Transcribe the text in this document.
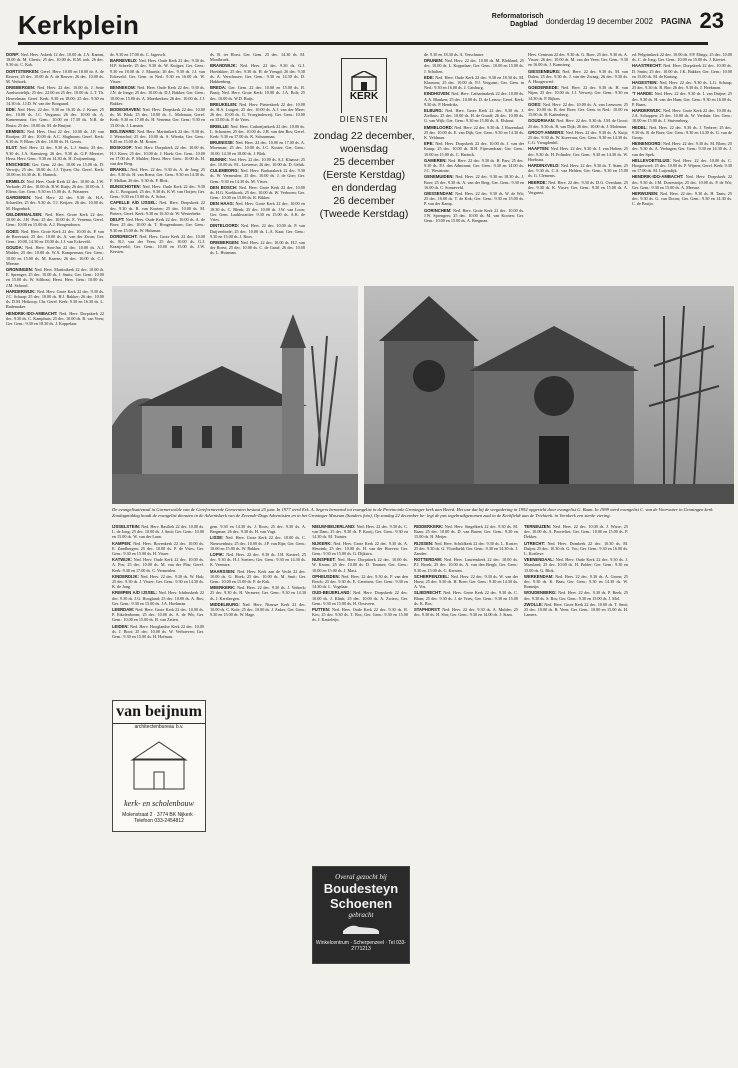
Kerkplein	Reformatorisch Dagblad donderdag 19 december 2002 PAGINA 23

DORP: Ned. Herv. Askerk 12 dec. 10.00 ds. J.A. Kamm, 18.00 ds. M. Cherix; 25 dec. 10.00 ds. R.M. ook. 26 dec. 9.30 ds. C. Kok.

DORTSTERKEN: Geref. Herv. 10.00 en 18.00 dr. A. de Reuver; 25 dec. 10.00 dr. A. de Reuver; 26 dec. 10.00 ds. M. Verhoek.

DRIEBERGEN: Ned. Herv. 22 dec. 10.00 ds. J. Sette Aardwortelijk; 25 dec. 22.00 en 25 dec. 10.00 ds. L.T. Th. Heuvelman; Geref. Kerk: 9.30 en 18.00; 25 dec. 9.30 en 14.30 ds. J.J.D. W. van der Boogaard.

EDE: Ned. Herv. 22 dec. 9.30 en 16.30 ds. J. Kruse; 25 dec. 10.00 ds. J.C. Vergunst; 26 dec. 10.00 ds. A. Kamermans; Ger. Gem.: 10.00 en 17.30 ds. N.R. de Bruin; 25 dec. 10.00 ds. M. de Bruijne.

EEMNES: Ned. Herv. Oost 22 dec. 10.00 ds. J.P. van Rooijen; 25 dec. 10.00 dr. A.C. Slagboom; Geref. Kerk: 9.30 ds. P. Blom; 26 dec. 10.00 ds. H. Geerts.

ELST: Ned. Herv. 22 dec. 9.30 ds. L.J. Smits; 25 dec. 9.30 ds. J.A. Kamsteeg; 26 dec. 9.30 ds. G.P. Meester; Herst. Herv. Gem.: 9.30 en 14.30 ds. H. Zwijnenburg.

ENSCHEDE: Ger. Gem. 22 dec. 10.00 en 15.00 ds. D. Verwijs; 25 dec. 10.00 ds. J.J. Tijsen; Chr. Geref. Kerk: 10.00 en 16.30 ds. K. Harinck.

ERMELO: Ned. Herv. Oude Kerk 22 dec. 10.00 ds. J.W. Verkade; 25 dec. 10.00 ds. R.W. Ruijs; 26 dec. 10.00 ds. J. Ellens; Ger. Gem.: 9.30 en 15.00 ds. A. Wasmeer.

GARDEREN: Ned. Herv. 22 dec. 9.30 ds. H.A. Schaeffer; 25 dec. 9.30 ds. T.J. Keijzer; 26 dec. 10.00 ds. M. Hogenbirk.

GELDERMALSEN: Ned. Herv. Grote Kerk 22 dec. 10.00 ds. J.H. Post; 25 dec. 10.00 ds. E. Venema; Geref. Gem.: 10.00 en 15.00 ds. A.J. Hoogendoorn.

GOES: Ned. Herv. Grote Kerk 22 dec. 10.00 ds. P. van de Breevaart; 25 dec. 10.00 ds. A. van der Zwan; Ger. Gem.: 10.00, 14.30 en 18.00 ds. J.J. van Eckeveld.

GOUDA: Ned. Herv. Sint-Jan 22 dec. 10.00 ds. A.J. Mulder; 25 dec. 10.00 ds. W.A. Kamperman; Ger. Gem.: 10.00 en 15.00 ds. M. Karens; 26 dec. 10.00 ds. C.J. Meeuse.

GRONINGEN: Ned. Herv. Martinikerk 22 dec. 10.00 dr. E. Sprenger; 25 dec. 10.00 ds. J. Smits; Ger. Gem.: 10.00 en 15.00 ds. W. Silfhout; Herst. Herv. Gem.: 10.00 ds. J.M. Schoorl.

HARDERWIJK: Ned. Herv. Grote Kerk 22 dec. 9.30 ds. J.C. Schaap; 25 dec. 10.00 ds. H.J. Bakker; 26 dec. 10.00 ds. D.M. Heikoop; Chr. Geref. Kerk: 9.30 en 16.30 ds. L. Rademaker.

HENDRIK-IDO-AMBACHT: Ned. Herv. Dorpskerk 22 dec. 9.30 ds. C. Kamphuis; 25 dec. 10.00 ds. B. van Veen; Ger. Gem.: 9.30 en 18.30 ds. J. Koppelaar.

de. 9.30 en 17.00 ds. C. Jagersch.

BARNEVELD: Ned. Herv. Oude Kerk 22 dec. 9.30 ds. H.P. Scheele; 25 dec. 9.30 ds. W. Kuijper; Ger. Gem.: 9.30 en 18.00 ds. J. Mauritz; 26 dec. 9.30 ds. J.J. van Eckeveld; Ger. Gem. in Ned.: 9.30 en 16.00 ds. W. Visser.

BENNEKOM: Ned. Herv. Oude Kerk 22 dec. 9.30 ds. J.N. de Jonge; 25 dec. 10.00 ds. D.J. Bakker; Ger. Gem.: 10.00 en 15.00 ds. A. Moerkerken; 26 dec. 10.00 ds. J.J. Bakker.

BODEGRAVEN: Ned. Herv. Dorpskerk 22 dec. 10.00 ds. M. Blok; 25 dec. 10.00 ds. L. Molenaar; Geref. Kerk: 9.30 en 17.00 ds. H. Venema; Ger. Gem.: 9.30 en 15.00 ds. J. Lamain.

BOLSWARD: Ned. Herv. Martinikerk 22 dec. 9.30 ds. J. Westerhof; 25 dec. 10.00 ds. S. Wierda; Ger. Gem.: 9.45 en 15.00 ds. M. Koster.

BOSKOOP: Ned. Herv. Dorpskerk 22 dec. 10.00 ds. H.J. Kiers; 25 dec. 10.00 dr. J. Hoek; Ger. Gem.: 10.00 en 17.00 ds. P. Mulder; Herst. Herv. Gem.: 10.00 ds. H. van den Berg.

BRAKEL: Ned. Herv. 22 dec. 9.30 ds. A. de Jong; 25 dec. 9.30 ds. H. van Roest; Ger. Gem.: 9.30 en 14.30 ds. F. Mallan; 26 dec. 9.30 ds. P. Blok.

BUNSCHOTEN: Ned. Herv. Oude Kerk 22 dec. 9.30 ds. C. Boogaard; 25 dec. 9.30 ds. K.W. van Ooijen; Ger. Gem.: 9.30 en 15.00 ds. A. Schot.

CAPELLE A/D IJSSEL: Ned. Herv. Dorpskerk 22 dec. 9.30 ds. R. van Kooten; 25 dec. 10.00 ds. M. Pieters; Geref. Kerk: 9.30 en 16.30 ds. W. Westerbeke.

DELFT: Ned. Herv. Oude Kerk 22 dec. 10.00 ds. A. de Boer; 25 dec. 10.00 ds. T. Hoogendoorn; Ger. Gem.: 9.30 en 15.00 ds. W. Hulsman.

DORDRECHT: Ned. Herv. Grote Kerk 22 dec. 10.00 ds. R.J. van der Veen; 25 dec. 10.00 ds. G.J. Kraaijeveld; Ger. Gem.: 10.00 en 15.00 ds. J.W. Kersten.

ds. B. ter Horst. Ger. Gem. 25 dec. 14.30 ds. M. Mooibroek.

BRANDWIJK: Ned. Herv. 22 dec. 9.30 ds. G.J. Hoefakker; 25 dec. 9.30 ds. H. de Vreugd; 26 dec. 9.30 ds. A. Verschuure; Ger. Gem.: 9.30 en 14.30 ds. D. Hakkenberg.

BREDA: Ger. Gem. 22 dec. 10.00 en 15.00 ds. R. Baaij; Ned. Herv. Grote Kerk: 10.00 ds. J.A. Bolt; 25 dec. 10.00 ds. W.D. Ruijs.

BREUKELEN: Ned. Herv. Pieterskerk 22 dec. 10.00 ds. H.A. Lutgert; 25 dec. 10.00 ds. A.J. van der Meer; 26 dec. 10.00 ds. G. Vroegindeweij; Ger. Gem.: 10.00 en 15.00 ds. P. de Vries.

BRIELLE: Ned. Herv. Catharijnekerk 22 dec. 10.00 ds. L. Schouten; 25 dec. 10.00 ds. J.H. van den Bos; Geref. Kerk: 9.30 en 17.00 ds. K. Schuurman.

BRUINISSE: Ned. Herv. 22 dec. 10.00 en 17.00 ds. A. Moerman; 25 dec. 10.00 ds. J.C. Koster; Ger. Gem.: 10.00, 14.30 en 18.00 ds. J. Blok.

BUNNIK: Ned. Herv. 22 dec. 10.00 ds. A.J. Klaasse; 25 dec. 10.00 ds. P.L. Lievense; 26 dec. 10.00 ds. D. Geluk.

CULEMBORG: Ned. Herv. Barbarakerk 22 dec. 9.30 ds. W. Vermeulen; 25 dec. 10.00 ds. J. de Gier; Ger. Gem.: 9.30 en 14.30 ds. M. Visser.

DEN BOSCH: Ned. Herv. Grote Kerk 22 dec. 10.00 ds. H.G. Koekkoek; 25 dec. 10.00 ds. W. Verboom; Ger. Gem.: 10.00 en 15.00 ds. R. Bikker.

DEN HAAG: Ned. Herv. Grote Kerk 22 dec. 10.00 en 18.30 ds. C. Blenk; 25 dec. 10.00 ds. J.W. van Loon; Ger. Gem. Laakkwartier: 9.30 en 15.00 ds. A.K. de Vries.

DINTELOORD: Ned. Herv. 22 dec. 10.00 ds. P. van Duijvenbode; 25 dec. 10.00 ds. L.A. Kaat; Ger. Gem.: 9.30 en 15.00 ds. J. Roos.

DRIEBERGEN: Ned. Herv. 22 dec. 10.00 ds. H.J. van der Roest; 25 dec. 10.00 ds. C. de Graaf; 26 dec. 10.00 ds. L. Huisman.

de. 9.30 en 18.30 ds. A. Verschuure.

DRUNEN: Ned. Herv. 22 dec. 10.00 ds. M. Blokland; 25 dec. 10.00 ds. L. Koppelaar; Ger. Gem.: 10.00 en 15.00 ds. J. Scholten.

EDE: Ned. Herv. Oude Kerk 22 dec. 9.30 en 18.30 ds. M. Klaassen; 25 dec. 10.00 ds. P.J. Vergunst; Ger. Gem. in Ned.: 9.30 en 16.00 ds. J. Catsburg.

EINDHOVEN: Ned. Herv. Catharinakerk 22 dec. 10.00 ds. A.A. Blanken; 25 dec. 10.00 ds. D. de Leeuw; Geref. Kerk: 9.30 ds. P. Hendriks.

ELBURG: Ned. Herv. Grote Kerk 22 dec. 9.30 ds. J. Zielhuis; 25 dec. 10.00 ds. H. de Graaff; 26 dec. 10.00 ds. G. van Wijk; Ger. Gem.: 9.30 en 15.00 ds. A. Elshout.

EMMELOORD: Ned. Herv. 22 dec. 9.30 ds. J. Rozendaal; 25 dec. 10.00 ds. E. van Dijk; Ger. Gem.: 9.30 en 14.30 ds. K. Veldman.

EPE: Ned. Herv. Dorpskerk 22 dec. 10.00 ds. J. van der Kamp; 25 dec. 10.00 ds. B.H. Fijnvandraat; Ger. Gem.: 10.00 en 15.00 ds. C. Harinck.

GAMEREN: Ned. Herv. 22 dec. 9.30 ds. H. Pars; 25 dec. 9.30 ds. P.J. den Admirant; Ger. Gem.: 9.30 en 14.00 ds. J.C. Weststrate.

GENEMUIDEN: Ned. Herv. 22 dec. 9.30 en 18.30 ds. J. Boer; 25 dec. 9.30 ds. A. van der Berg; Ger. Gem.: 9.30 en 16.00 ds. C. Sonneveld.

GIESSENDAM: Ned. Herv. 22 dec. 9.30 ds. W. de Wit; 25 dec. 10.00 ds. T. de Kok; Ger. Gem.: 9.30 en 15.00 ds. P. van der Kamp.

GORINCHEM: Ned. Herv. Grote Kerk 22 dec. 10.00 ds. J.W. Sprengers; 25 dec. 10.00 ds. M. van Kooten; Ger. Gem.: 10.00 en 15.00 ds. A. Bregman.

Herv. Centrum 22 dec. 9.30 ds. G. Boer; 25 dec. 9.30 ds. A. Visser; 26 dec. 10.00 ds. M. van der Veen; Ger. Gem.: 9.30 en 16.00 ds. J. Kamsteeg.

GIESSENBURG: Ned. Herv. 22 dec. 9.30 ds. M. van Dalen; 25 dec. 9.30 ds. J. van der Zwaag; 26 dec. 9.30 ds. A. Hoogerwerf.

GOEDEREEDE: Ned. Herv. 22 dec. 9.30 ds. H. van Nijen; 25 dec. 10.00 ds. J.J. Verweij; Ger. Gem.: 9.30 en 14.30 ds. P. Rijken.

GOES: Ned. Herv. 22 dec. 10.00 ds. A. van Leeuwen; 25 dec. 10.00 ds. B. den Boer; Ger. Gem. in Ned.: 10.00 en 15.00 ds. R. Kattenberg.

GOUDRIAAN: Ned. Herv. 22 dec. 9.30 ds. J.M. de Groot; 25 dec. 9.30 ds. B. van Dijk; 26 dec. 10.00 ds. J. Molenaar.

GROOT-AMMERS: Ned. Herv. 22 dec. 9.30 ds. A. Kuijt; 25 dec. 9.30 ds. W. Korevaar; Ger. Gem.: 9.30 en 14.30 ds. C.G. Vreugdenhil.

HAAFTEN: Ned. Herv. 22 dec. 9.30 ds. J. van Holten; 25 dec. 9.30 ds. H. Polinder; Ger. Gem.: 9.30 en 14.30 ds. W. Hoekstra.

HARDINXVELD: Ned. Herv. 22 dec. 9.30 ds. T. Stam; 25 dec. 9.30 ds. C.A. van Helden; Ger. Gem.: 9.30 en 15.00 ds. G. Clements.

HEERDE: Ned. Herv. 22 dec. 9.30 ds. D.G. Overduin; 25 dec. 9.30 ds. K. Visser; Ger. Gem.: 9.30 en 15.00 ds. A. Vergunst.

ed. Pelgrimkerk 22 dec. 10.00 ds. F.P. Elings; 25 dec. 10.00 ds. C. de Jong; Ger. Gem.: 10.00 en 15.00 ds. J. Kieviet.

HAASTRECHT: Ned. Herv. Dorpskerk 22 dec. 10.00 ds. D. Smits; 25 dec. 10.00 ds. J.K. Bakker; Ger. Gem.: 10.00 en 15.00 ds. M. de Koning.

HAGESTEIN: Ned. Herv. 22 dec. 9.30 ds. L.G. Schaap; 25 dec. 9.30 ds. R. Bor; 26 dec. 9.30 ds. J. Hoekman.

'T HARDE: Ned. Herv. 22 dec. 9.30 ds. I. van Duijne; 25 dec. 9.30 ds. H. van der Ham; Ger. Gem.: 9.30 en 16.00 ds. P. Baars.

HARDERWIJK: Ned. Herv. Grote Kerk 22 dec. 10.00 ds. J.A. Schoppen; 25 dec. 10.00 ds. W. Verduin; Ger. Gem.: 10.00 en 15.00 ds. J. Stuivenberg.

HEDEL: Ned. Herv. 22 dec. 9.30 ds. J. Verbree; 25 dec. 9.30 ds. R. de Boer; Ger. Gem.: 9.30 en 14.30 ds. G. van de Groep.

HEINENOORD: Ned. Herv. 22 dec. 9.30 ds. M. Blom; 25 dec. 9.30 ds. A. Verhagen; Ger. Gem.: 9.30 en 14.30 ds. J. van der Spek.

HELLEVOETSLUIS: Ned. Herv. 22 dec. 10.00 ds. C. Hoogerwerf; 25 dec. 10.00 ds. P. Wijnen; Geref. Kerk: 9.30 en 17.00 ds. M. Luijendijk.

HENDRIK-IDO-AMBACHT: Ned. Herv. Dorpskerk 22 dec. 9.30 ds. J.M. Dorresteijn; 25 dec. 10.00 ds. P. de Wit; Ger. Gem.: 9.30 en 15.00 ds. A. Meeuse.

HERWIJNEN: Ned. Herv. 22 dec. 9.30 ds. H. Tanis; 25 dec. 9.30 ds. G. van Doorn; Ger. Gem.: 9.30 en 14.30 ds. C. de Bruijn.

KERK
DIENSTEN
zondag 22 december,
woensdag
25 december
(Eerste Kerstdag)
en donderdag
26 december
(Tweede Kerstdag)
De evangelisatiezaal in Garmerwolde van de Gereformeerde Gemeenten bestaat 25 jaar. In 1977 werd Erk. A. Segers benoemd tot evangelist in de Provinciale Groninger kerk aan Heerd. Het uur dat hij de vergadering in 1992 opgericht door evangelist G. Baan. In 1999 werd evangelist C. van de Voorwater in Groningen kerk. Zondagmiddag houdt de evangelist diensten in de Adventskerk van de Zevende-Dags Adventisten en in het Groninger Museum (Sanders foto), Op zondag 22 december be- legt de pas ingebruikgenomen zaal in de Kerkfieldt aan de Trichterk. in Veenkerk een sterke viering.

IJSSELSTEIN: Ned. Herv. Basiliek 22 dec. 10.00 ds. L. de Jong; 25 dec. 10.00 ds. J. Smit; Ger. Gem.: 10.00 en 15.00 ds. W. van der Laan.

KAMPEN: Ned. Herv. Bovenkerk 22 dec. 10.00 ds. E. Zandbergen; 25 dec. 10.00 ds. P. de Vries; Ger. Gem.: 9.30 en 15.00 ds. H. Visser.

KATWIJK: Ned. Herv. Oude Kerk 22 dec. 10.00 ds. A. Pos; 25 dec. 10.00 ds. M. van der Plas; Geref. Kerk: 9.30 en 17.00 ds. C. Vermeulen.

KINDERDIJK: Ned. Herv. 22 dec. 9.30 ds. W. Hak; 25 dec. 9.30 ds. J. Visser; Ger. Gem.: 9.30 en 14.30 ds. K. de Jong.

KRIMPEN A/D IJSSEL: Ned. Herv. Ichthuskerk 22 dec. 9.30 ds. J.G. Hoogland; 25 dec. 10.00 ds. A. Bos; Ger. Gem.: 9.30 en 15.00 ds. J.A. Hoekman.

LEERDAM: Ned. Herv. Grote Kerk 22 dec. 10.00 ds. P. Eikelenboom; 25 dec. 10.00 ds. A. de Wit; Ger. Gem.: 10.00 en 15.00 ds. B. van Zetten.

LEIDEN: Ned. Herv. Hooglandse Kerk 22 dec. 10.00 ds. J. Boot; 25 dec. 10.00 ds. W. Verhoeven; Ger. Gem.: 9.30 en 15.00 ds. H. Hofman.

gem. 9.30 en 14.30 ds. J. Roos; 25 dec. 9.30 ds. A. Bregman; 26 dec. 9.30 ds. H. van Vugt.

LISSE: Ned. Herv. Grote Kerk 22 dec. 10.00 ds. C. Nieuwenhuis; 25 dec. 10.00 ds. J.P. van Rijn; Ger. Gem.: 10.00 en 15.00 ds. W. Bakker.

LOPIK: Ned. Herv. 22 dec. 9.30 ds. J.H. Kasteel; 25 dec. 9.30 ds. H.J. Soeters; Ger. Gem.: 9.30 en 14.30 ds. K. Veenstra.

MAARSSEN: Ned. Herv. Kerk aan de Vecht 22 dec. 10.00 ds. G. Hoek; 25 dec. 10.00 ds. M. Smit; Ger. Gem.: 10.00 en 15.00 ds. P. de Kok.

MEERKERK: Ned. Herv. 22 dec. 9.30 ds. J. Verkerk; 25 dec. 9.30 ds. H. Vermeer; Ger. Gem.: 9.30 en 14.30 ds. J. Kersbergen.

MIDDELBURG: Ned. Herv. Nieuwe Kerk 22 dec. 10.00 ds. C. Kole; 25 dec. 10.00 ds. J. Anker; Ger. Gem.: 9.30 en 15.00 ds. W. Hage.

NIEUW-BEIJERLAND: Ned. Herv. 22 dec. 9.30 ds. C. van Dam; 25 dec. 9.30 ds. P. Kooij; Ger. Gem.: 9.30 en 14.30 ds. M. Tuinier.

NIJKERK: Ned. Herv. Grote Kerk 22 dec. 9.30 ds. A. Sleurink; 25 dec. 10.00 ds. H. van der Hoeven; Ger. Gem.: 9.30 en 15.00 ds. G. Dijkstra.

NUNSPEET: Ned. Herv. Dorpskerk 22 dec. 10.00 ds. W. Kroon; 25 dec. 10.00 ds. D. Timmer; Ger. Gem.: 10.00 en 15.00 ds. J. Mast.

OPHEUSDEN: Ned. Herv. 22 dec. 9.30 ds. P. van den Bosch; 25 dec. 9.30 ds. E. Gerritsen; Ger. Gem.: 9.30 en 14.30 ds. L. Vogelaar.

OUD-BEIJERLAND: Ned. Herv. Dorpskerk 22 dec. 10.00 ds. J. Klink; 25 dec. 10.00 ds. A. Zwiers; Ger. Gem.: 9.30 en 15.00 ds. H. Oostveen.

PUTTEN: Ned. Herv. Oude Kerk 22 dec. 9.30 ds. R. Kos; 25 dec. 9.30 ds. T. Bos; Ger. Gem.: 9.30 en 15.00 ds. J. Kasteleijn.

RIDDERKERK: Ned. Herv. Singelkerk 22 dec. 9.30 ds. M. Baan; 25 dec. 10.00 ds. D. van Buren; Ger. Gem.: 9.30 en 15.00 ds. H. Meijer.

RIJSSEN: Ned. Herv. Schildkerk 22 dec. 9.30 ds. L. Koster; 25 dec. 9.30 ds. G. Vloedbeld; Ger. Gem.: 9.30 en 14.30 ds. J. Zandee.

ROTTERDAM: Ned. Herv. Laurenskerk 22 dec. 10.00 ds. P.J. Broek; 25 dec. 10.00 ds. A. van den Bergh; Ger. Gem.: 9.30 en 15.00 ds. C. Kersten.

SCHERPENZEEL: Ned. Herv. 22 dec. 9.30 ds. W. van der Horst; 25 dec. 9.30 ds. H. Boer; Ger. Gem.: 9.30 en 14.30 ds. A. Vos.

SLIEDRECHT: Ned. Herv. Grote Kerk 22 dec. 9.30 ds. C. Blom; 25 dec. 9.30 ds. J. de Vries; Ger. Gem.: 9.30 en 15.00 ds. K. Bos.

STAPHORST: Ned. Herv. 22 dec. 9.30 ds. A. Mulder; 25 dec. 9.30 ds. H. Slot; Ger. Gem.: 9.30 en 14.00 ds. J. Stam.

TERNEUZEN: Ned. Herv. 22 dec. 10.00 ds. J. Wisse; 25 dec. 10.00 ds. A. Poortvliet; Ger. Gem.: 10.00 en 15.00 ds. P. Dekker.

UTRECHT: Ned. Herv. Domkerk 22 dec. 10.30 ds. M. Duijm; 25 dec. 10.30 ds. G. Vos; Ger. Gem.: 9.30 en 16.00 ds. L. Kortleve.

VEENENDAAL: Ned. Herv. Oude Kerk 22 dec. 9.30 ds. J. Maasland; 25 dec. 10.00 ds. H. Polder; Ger. Gem.: 9.30 en 15.00 ds. G. Blok.

WERKENDAM: Ned. Herv. 22 dec. 9.30 ds. A. Groen; 25 dec. 9.30 ds. K. Baas; Ger. Gem.: 9.30 en 14.30 ds. W. Romeijn.

WOUDENBERG: Ned. Herv. 22 dec. 9.30 ds. P. Beek; 25 dec. 9.30 ds. S. Bos; Ger. Gem.: 9.30 en 15.00 ds. J. Mol.

ZWOLLE: Ned. Herv. Grote Kerk 22 dec. 10.00 ds. T. Smit; 25 dec. 10.00 ds. R. Veen; Ger. Gem.: 10.00 en 15.00 ds. H. Lamers.

van beijnum
architectenbureau b.v.
kerk- en scholenbouw
Molenstraat 2 · 3774 BK Nijkerk · Telefoon 033-2454812
Overal gezocht bij
Boudesteyn
Schoenen
gebracht
Winkelcentrum · Scherpenzeel · Tel 033-2771213
